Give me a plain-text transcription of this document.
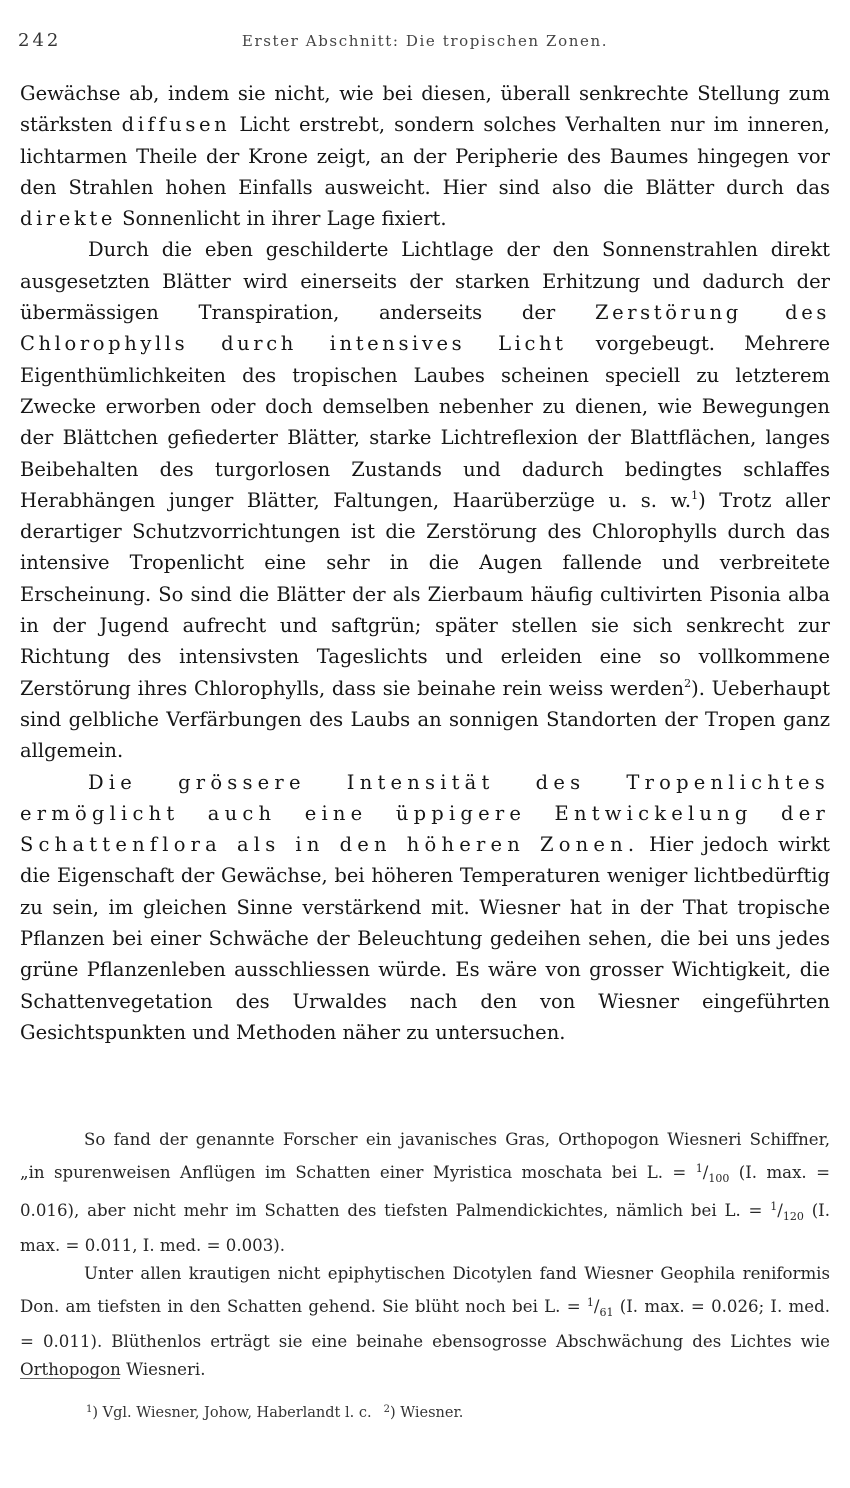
242	Erster Abschnitt: Die tropischen Zonen.

Gewächse ab, indem sie nicht, wie bei diesen, überall senkrechte Stellung zum stärksten diffusen Licht erstrebt, sondern solches Verhalten nur im inneren, lichtarmen Theile der Krone zeigt, an der Peripherie des Baumes hingegen vor den Strahlen hohen Einfalls ausweicht. Hier sind also die Blätter durch das direkte Sonnenlicht in ihrer Lage fixiert.

Durch die eben geschilderte Lichtlage der den Sonnenstrahlen direkt ausgesetzten Blätter wird einerseits der starken Erhitzung und dadurch der übermässigen Transpiration, anderseits der Zerstörung des Chlorophylls durch intensives Licht vorgebeugt. Mehrere Eigenthümlichkeiten des tropischen Laubes scheinen speciell zu letzterem Zwecke erworben oder doch demselben nebenher zu dienen, wie Bewegungen der Blättchen gefiederter Blätter, starke Lichtreflexion der Blattflächen, langes Beibehalten des turgorlosen Zustands und dadurch bedingtes schlaffes Herabhängen junger Blätter, Faltungen, Haarüberzüge u. s. w.$^1$) Trotz aller derartiger Schutzvorrichtungen ist die Zerstörung des Chlorophylls durch das intensive Tropenlicht eine sehr in die Augen fallende und verbreitete Erscheinung. So sind die Blätter der als Zierbaum häufig cultivirten Pisonia alba in der Jugend aufrecht und saftgrün; später stellen sie sich senkrecht zur Richtung des intensivsten Tageslichts und erleiden eine so vollkommene Zerstörung ihres Chlorophylls, dass sie beinahe rein weiss werden$^2$). Ueberhaupt sind gelbliche Verfärbungen des Laubs an sonnigen Standorten der Tropen ganz allgemein.

Die grössere Intensität des Tropenlichtes ermöglicht auch eine üppigere Entwickelung der Schattenflora als in den höheren Zonen. Hier jedoch wirkt die Eigenschaft der Gewächse, bei höheren Temperaturen weniger lichtbedürftig zu sein, im gleichen Sinne verstärkend mit. Wiesner hat in der That tropische Pflanzen bei einer Schwäche der Beleuchtung gedeihen sehen, die bei uns jedes grüne Pflanzenleben ausschliessen würde. Es wäre von grosser Wichtigkeit, die Schattenvegetation des Urwaldes nach den von Wiesner eingeführten Gesichtspunkten und Methoden näher zu untersuchen.

So fand der genannte Forscher ein javanisches Gras, Orthopogon Wiesneri Schiffner, „in spurenweisen Anflügen im Schatten einer Myristica moschata bei L. = $^1/_{100}$ (I. max. = 0.016), aber nicht mehr im Schatten des tiefsten Palmendickichtes, nämlich bei L. = $^1/_{120}$ (I. max. = 0.011, I. med. = 0.003).

Unter allen krautigen nicht epiphytischen Dicotylen fand Wiesner Geophila reniformis Don. am tiefsten in den Schatten gehend. Sie blüht noch bei L. = $^1/_{61}$ (I. max. = 0.026; I. med. = 0.011). Blüthenlos erträgt sie eine beinahe ebensogrosse Abschwächung des Lichtes wie Orthopogon Wiesneri.

$^1$) Vgl. Wiesner, Johow, Haberlandt l. c. $^2$) Wiesner.
